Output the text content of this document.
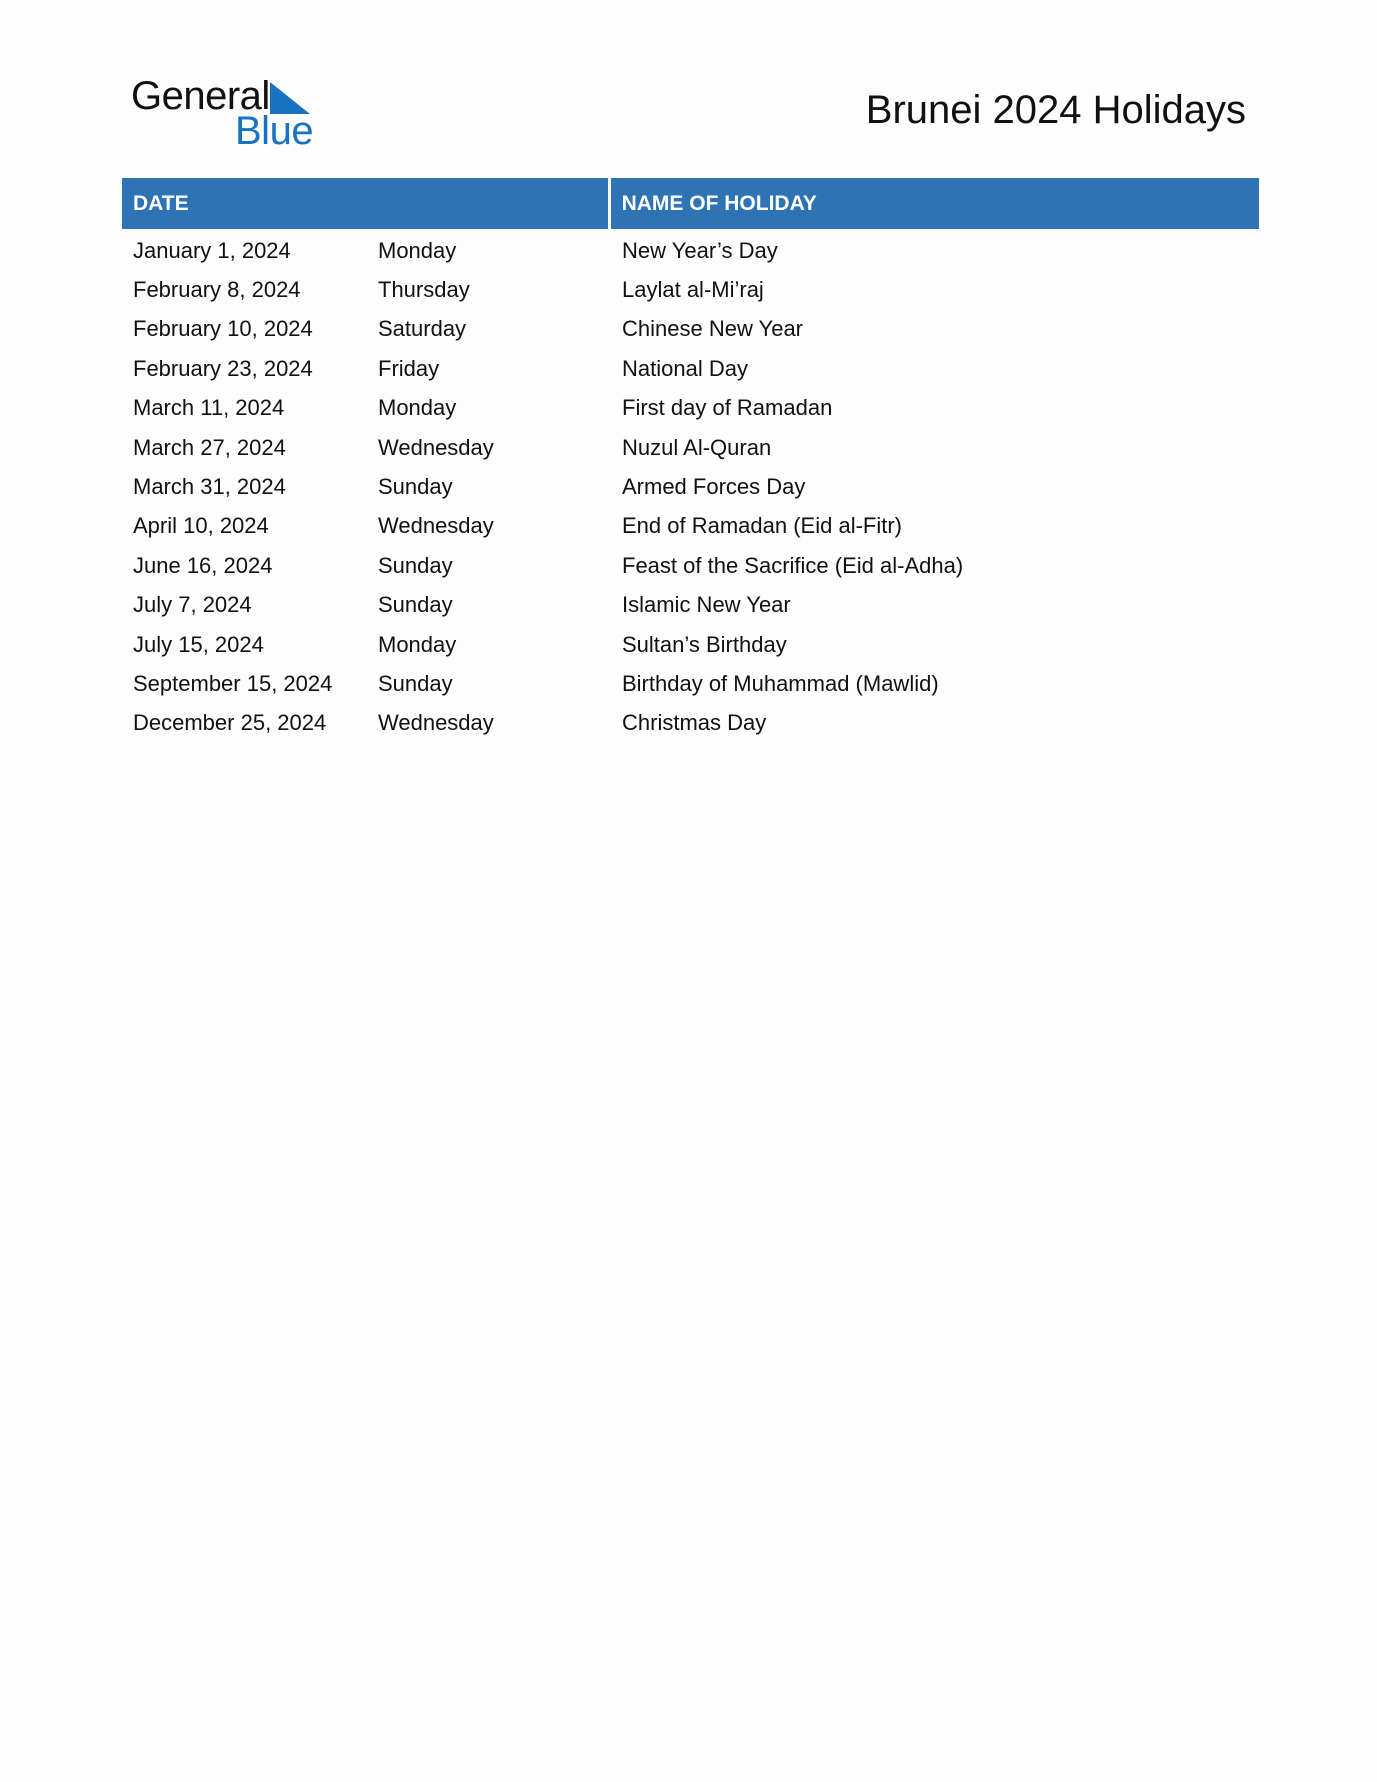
General
Blue	Brunei 2024 Holidays
DATE	NAME OF HOLIDAY
January 1, 2024	Monday	New Year’s Day
February 8, 2024	Thursday	Laylat al-Mi’raj
February 10, 2024	Saturday	Chinese New Year
February 23, 2024	Friday	National Day
March 11, 2024	Monday	First day of Ramadan
March 27, 2024	Wednesday	Nuzul Al-Quran
March 31, 2024	Sunday	Armed Forces Day
April 10, 2024	Wednesday	End of Ramadan (Eid al-Fitr)
June 16, 2024	Sunday	Feast of the Sacrifice (Eid al-Adha)
July 7, 2024	Sunday	Islamic New Year
July 15, 2024	Monday	Sultan’s Birthday
September 15, 2024	Sunday	Birthday of Muhammad (Mawlid)
December 25, 2024	Wednesday	Christmas Day
